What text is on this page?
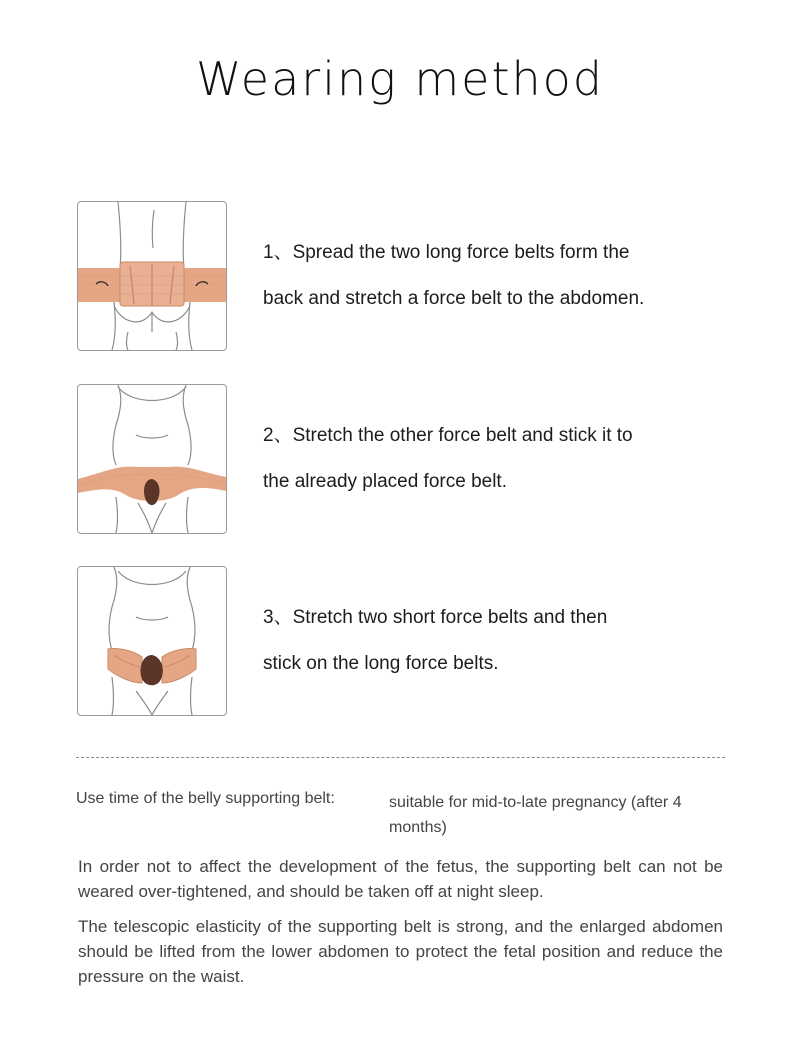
Wearing method
1、Spread the two long force belts form the
back and stretch a force belt to the abdomen.
2、Stretch the other force belt and stick it to
the already placed force belt.
3、Stretch two short force belts and then
stick on the long force belts.
Use time of the belly supporting belt:	suitable for mid-to-late pregnancy (after 4 months)
In order not to affect the development of the fetus, the supporting belt can not be weared over-tightened, and should be taken off at night sleep.
The telescopic elasticity of the supporting belt is strong, and the enlarged abdomen should be lifted from the lower abdomen to protect the fetal position and reduce the pressure on the waist.
